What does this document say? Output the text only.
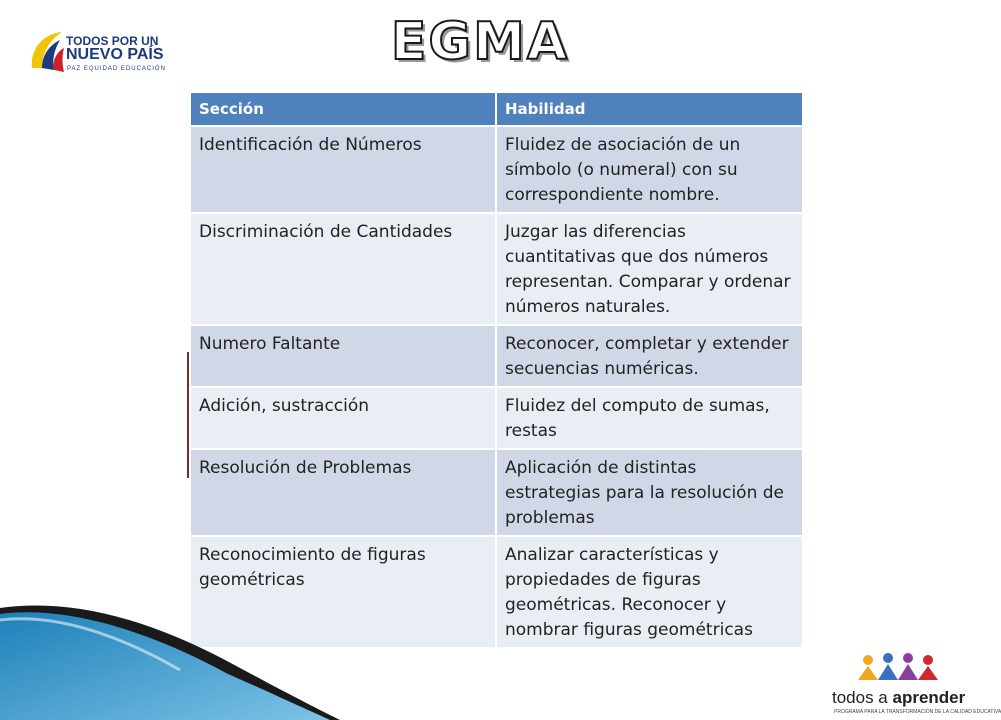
EGMA
TODOS POR UN
NUEVO PAÍS
PAZ EQUIDAD EDUCACIÓN
Sección	Habilidad
Identificación de Números	Fluidez de asociación de un símbolo (o numeral) con su correspondiente nombre.
Discriminación de Cantidades	Juzgar las diferencias cuantitativas que dos números representan. Comparar y ordenar números naturales.
Numero Faltante	Reconocer, completar y extender secuencias numéricas.
Adición, sustracción	Fluidez del computo de sumas, restas
Resolución de Problemas	Aplicación de distintas estrategias para la resolución de problemas
Reconocimiento de figuras geométricas	Analizar características y propiedades de figuras geométricas. Reconocer y nombrar figuras geométricas
todos a aprender
PROGRAMA PARA LA TRANSFORMACIÓN DE LA CALIDAD EDUCATIVA
